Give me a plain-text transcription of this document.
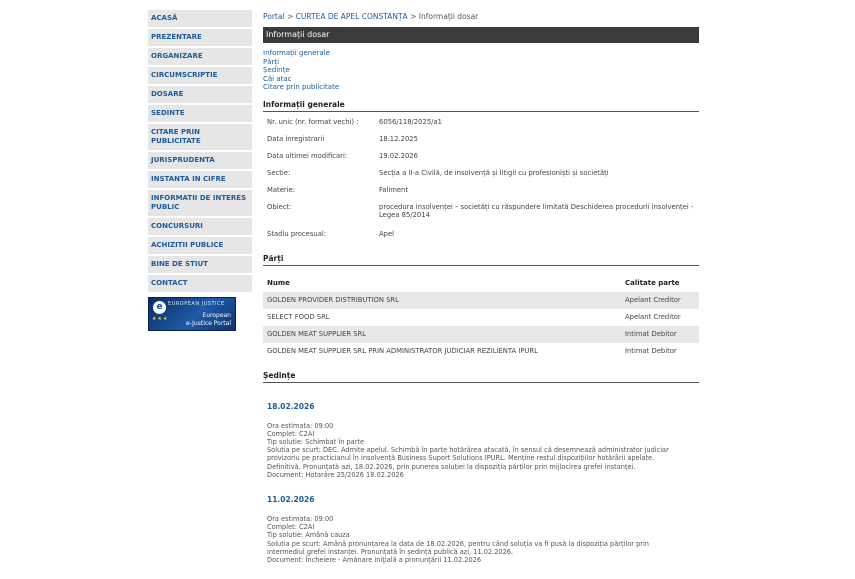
ACASĂ
PREZENTARE
ORGANIZARE
CIRCUMSCRIPTIE
DOSARE
SEDINTE
CITARE PRIN PUBLICITATE
JURISPRUDENTA
INSTANTA IN CIFRE
INFORMATII DE INTERES PUBLIC
CONCURSURI
ACHIZITII PUBLICE
BINE DE STIUT
CONTACT
e	EUROPEAN JUSTICE
★★★	European
e-Justice Portal
Portal > CURTEA DE APEL CONSTANȚA > Informații dosar
Informații dosar
Informații generale
Părți
Ședințe
Căi atac
Citare prin publicitate
Informații generale
Nr. unic (nr. format vechi) :	6056/118/2025/a1
Data inregistrarii	18.12.2025
Data ultimei modificari:	19.02.2026
Sectie:	Secția a II-a Civilă, de insolvență și litigii cu profesioniști și societăți
Materie:	Faliment
Obiect:	procedura insolvenței – societăți cu răspundere limitată Deschiderea procedurii insolvenței - Legea 85/2014
Stadiu procesual:	Apel
Părți
Nume	Calitate parte
GOLDEN PROVIDER DISTRIBUTION SRL	Apelant Creditor
SELECT FOOD SRL	Apelant Creditor
GOLDEN MEAT SUPPLIER SRL	Intimat Debitor
GOLDEN MEAT SUPPLIER SRL PRIN ADMINISTRATOR JUDICIAR REZILIENTA IPURL	Intimat Debitor
Ședințe
18.02.2026
Ora estimata: 09:00
Complet: C2AI
Tip solutie: Schimbat în parte
Solutia pe scurt: DEC. Admite apelul. Schimbă în parte hotărârea atacată, în sensul că desemnează administrator judiciar
provizoriu pe practicianul în insolvență Business Suport Solutions IPURL. Menține restul dispozițiilor hotărârii apelate.
Definitivă. Pronunțată azi, 18.02.2026, prin punerea soluției la dispoziția părților prin mijlocirea grefei instanței.
Document: Hotarâre 25/2026 18.02.2026
11.02.2026
Ora estimata: 09:00
Complet: C2AI
Tip solutie: Amână cauza
Solutia pe scurt: Amână pronunțarea la data de 18.02.2026, pentru când soluția va fi pusă la dispoziția părților prin
intermediul grefei instanței. Pronunțată în ședință publică azi, 11.02.2026.
Document: Încheiere - Amânare iniţială a pronunţării 11.02.2026
